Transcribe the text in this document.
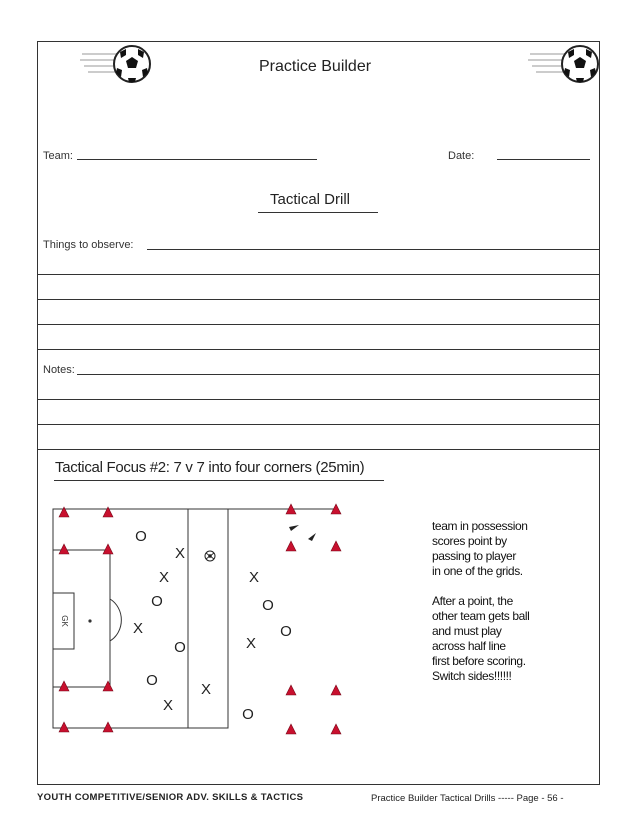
Practice Builder
Team:	Date:
Tactical Drill
Things to observe:
Notes:
Tactical Focus #2: 7 v 7 into four corners (25min)
GK
X
X
X
X
X
X
X
O
O
O
O
O
O
O
team in possession
scores point by
passing to player
in one of the grids.
After a point, the
other team gets ball
and must play
across half line
first before scoring.
Switch sides!!!!!!
YOUTH COMPETITIVE/SENIOR ADV. SKILLS & TACTICS	Practice Builder Tactical Drills ----- Page - 56 -
